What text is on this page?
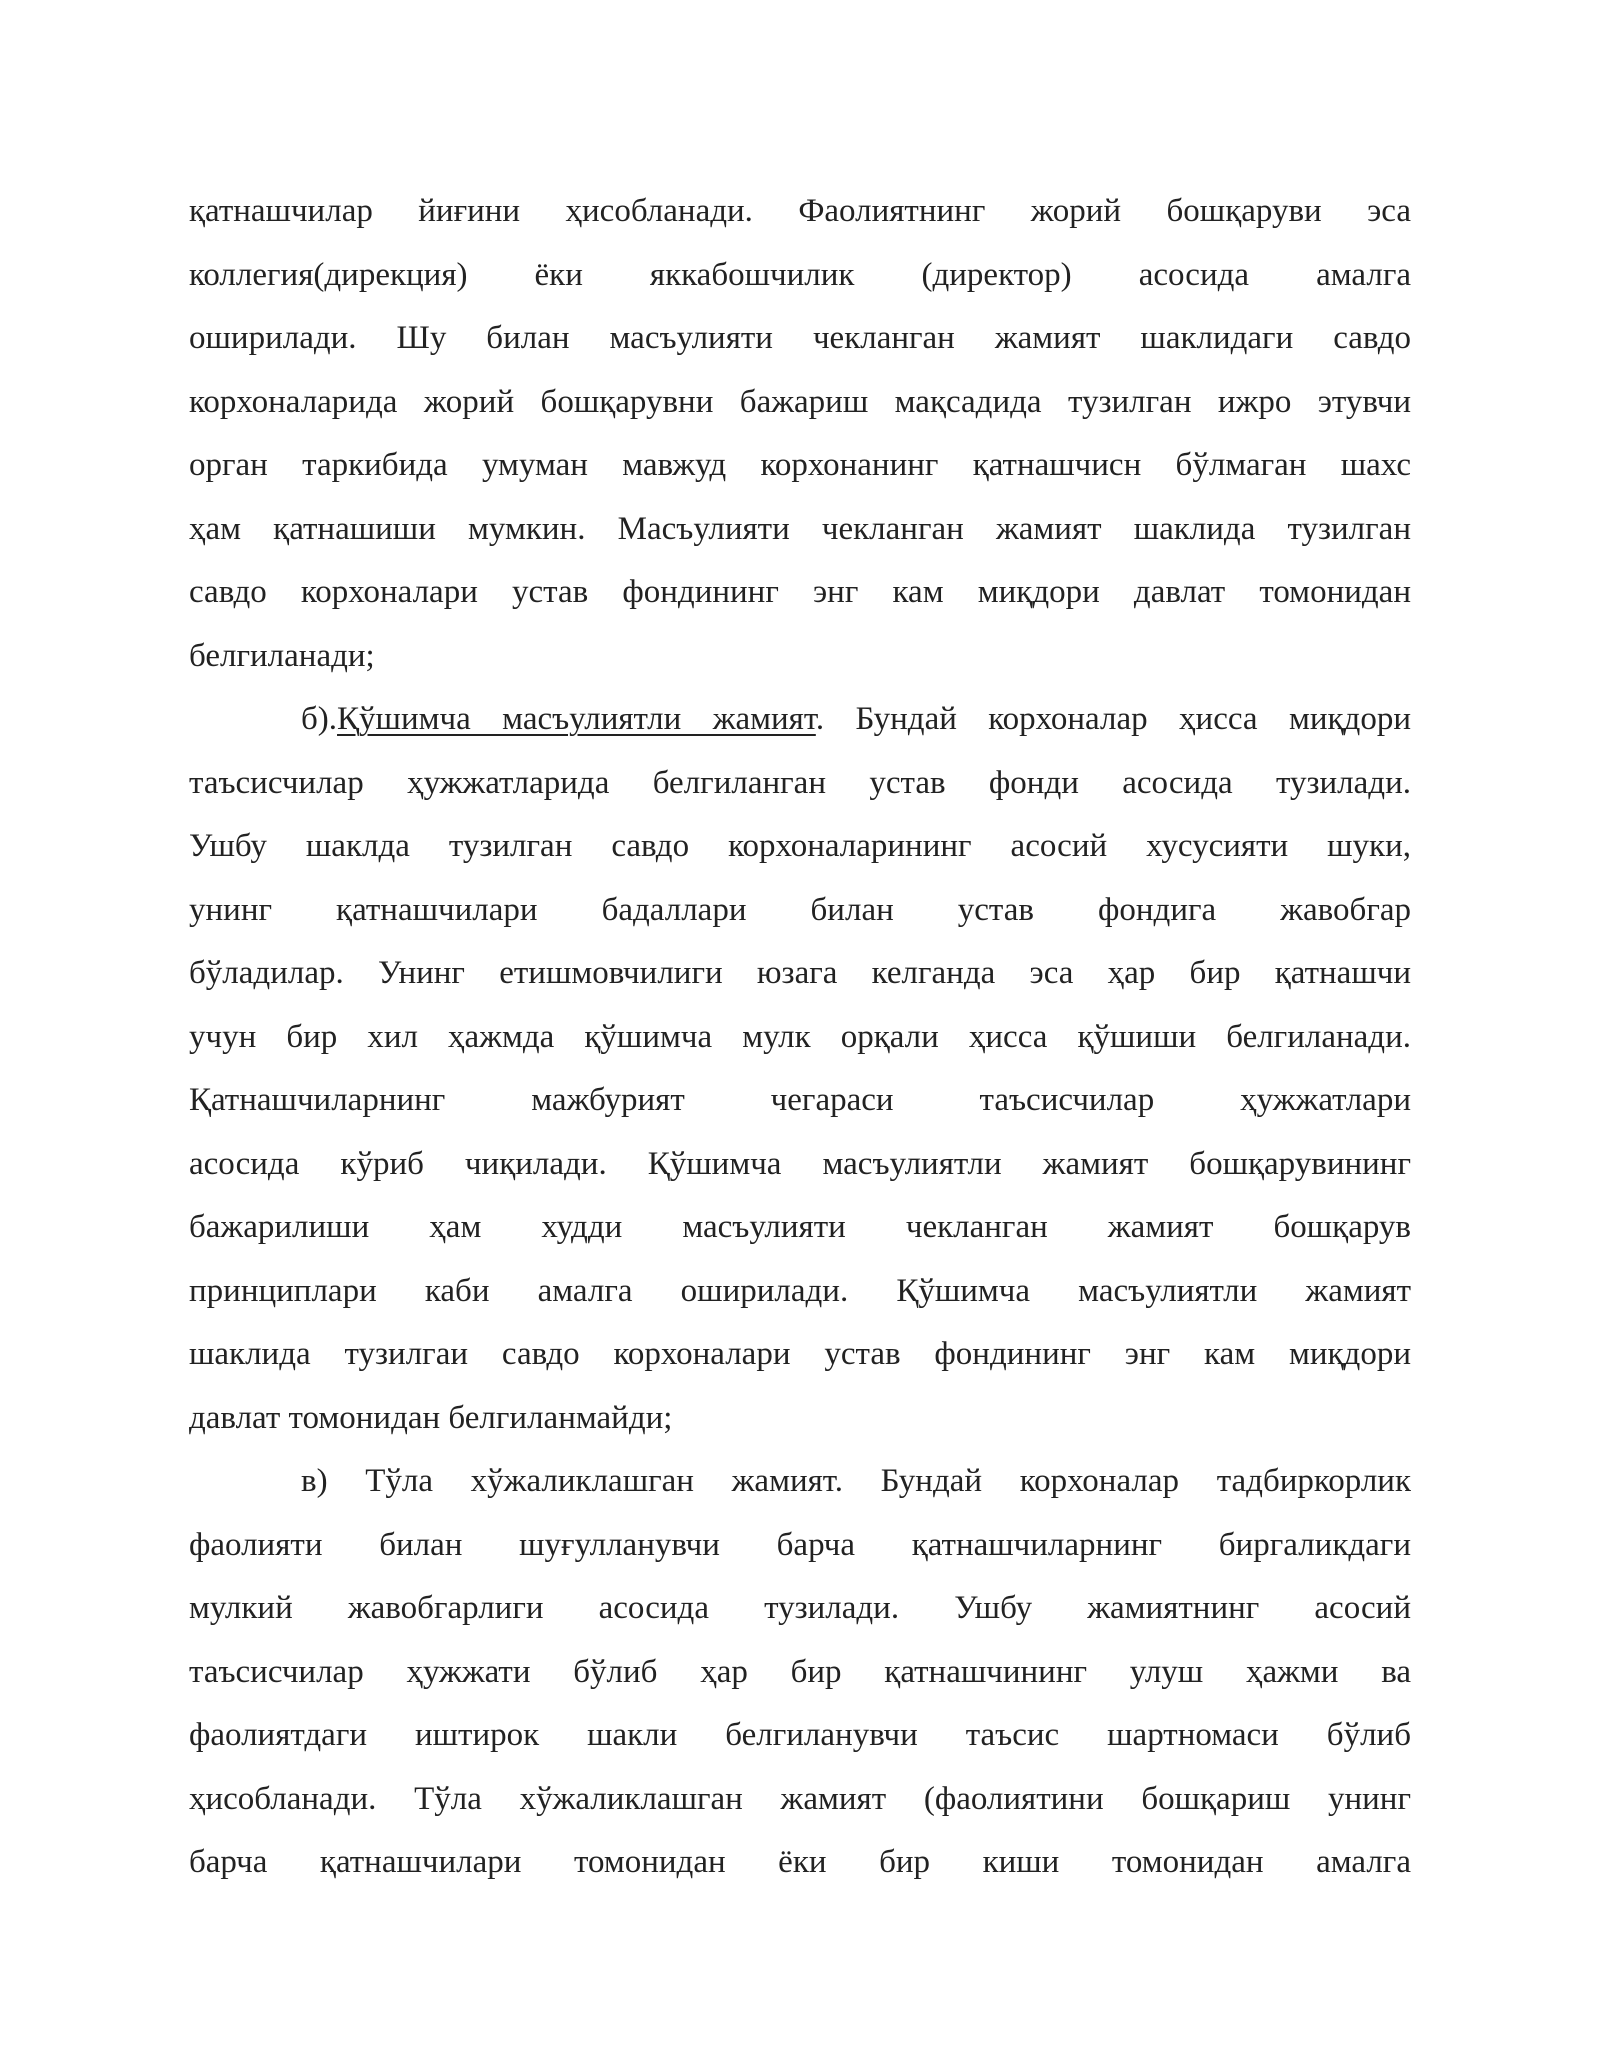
қатнашчилар йиғини ҳисобланади. Фаолиятнинг жорий бошқаруви эса
коллегия(дирекция) ёки яккабошчилик (директор) асосида амалга
оширилади. Шу билан масъулияти чекланган жамият шаклидаги савдо
корхоналарида жорий бошқарувни бажариш мақсадида тузилган ижро этувчи
орган таркибида умуман мавжуд корхонанинг қатнашчисн бўлмаган шахс
ҳам қатнашиши мумкин. Масъулияти чекланган жамият шаклида тузилган
савдо корхоналари устав фондининг энг кам миқдори давлат томонидан
белгиланади;
б).Қўшимча масъулиятли жамият. Бундай корхоналар ҳисса миқдори
таъсисчилар ҳужжатларида белгиланган устав фонди асосида тузилади.
Ушбу шаклда тузилган савдо корхоналарининг асосий хусусияти шуки,
унинг қатнашчилари бадаллари билан устав фондига жавобгар
бўладилар. Унинг етишмовчилиги юзага келганда эса ҳар бир қатнашчи
учун бир хил ҳажмда қўшимча мулк орқали ҳисса қўшиши белгиланади.
Қатнашчиларнинг мажбурият чегараси таъсисчилар ҳужжатлари
асосида кўриб чиқилади. Қўшимча масъулиятли жамият бошқарувининг
бажарилиши ҳам худди масъулияти чекланган жамият бошқарув
принциплари каби амалга оширилади. Қўшимча масъулиятли жамият
шаклида тузилгаи савдо корхоналари устав фондининг энг кам миқдори
давлат томонидан белгиланмайди;
в) Тўла хўжаликлашган жамият. Бундай корхоналар тадбиркорлик
фаолияти билан шуғулланувчи барча қатнашчиларнинг биргаликдаги
мулкий жавобгарлиги асосида тузилади. Ушбу жамиятнинг асосий
таъсисчилар ҳужжати бўлиб ҳар бир қатнашчининг улуш ҳажми ва
фаолиятдаги иштирок шакли белгиланувчи таъсис шартномаси бўлиб
ҳисобланади. Тўла хўжаликлашган жамият (фаолиятини бошқариш унинг
барча қатнашчилари томонидан ёки бир киши томонидан амалга
